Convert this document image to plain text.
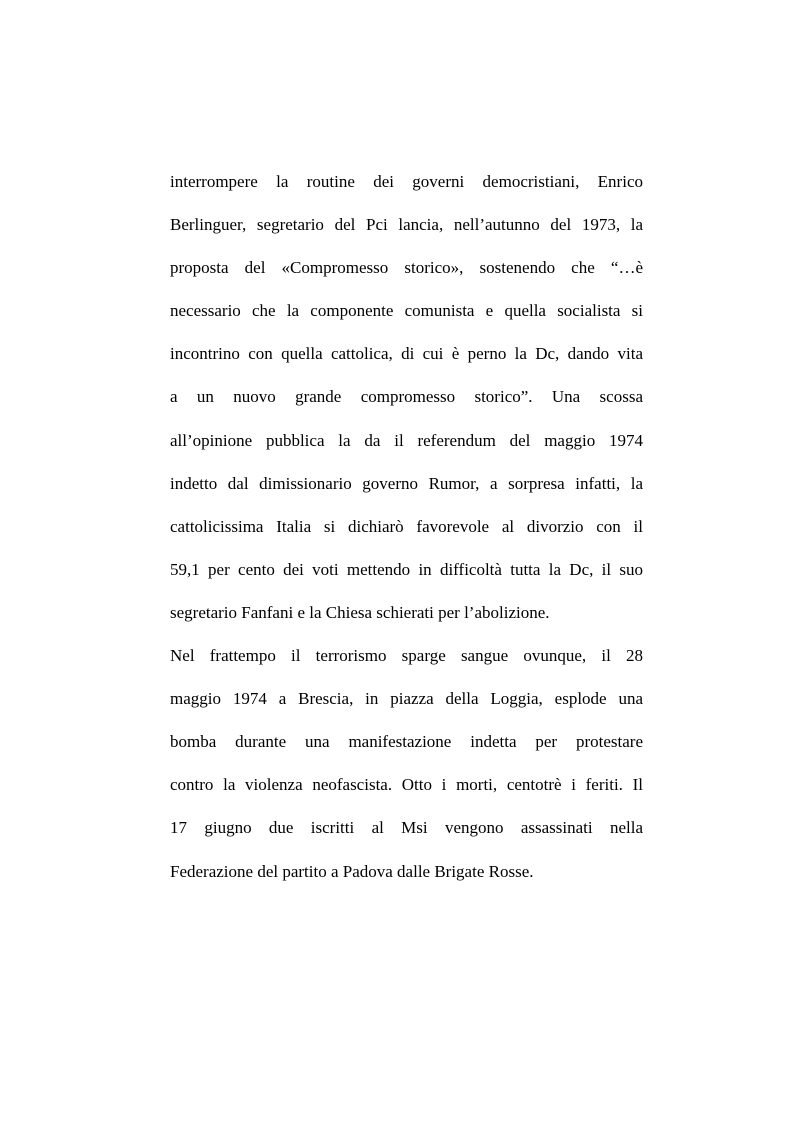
interrompere la routine dei governi democristiani, Enrico
Berlinguer, segretario del Pci lancia, nell’autunno del 1973, la
proposta del «Compromesso storico», sostenendo che “…è
necessario che la componente comunista e quella socialista si
incontrino con quella cattolica, di cui è perno la Dc, dando vita
a un nuovo grande compromesso storico”. Una scossa
all’opinione pubblica la da il referendum del maggio 1974
indetto dal dimissionario governo Rumor, a sorpresa infatti, la
cattolicissima Italia si dichiarò favorevole al divorzio con il
59,1 per cento dei voti mettendo in difficoltà tutta la Dc, il suo
segretario Fanfani e la Chiesa schierati per l’abolizione.
Nel frattempo il terrorismo sparge sangue ovunque, il 28
maggio 1974 a Brescia, in piazza della Loggia, esplode una
bomba durante una manifestazione indetta per protestare
contro la violenza neofascista. Otto i morti, centotrè i feriti. Il
17 giugno due iscritti al Msi vengono assassinati nella
Federazione del partito a Padova dalle Brigate Rosse.
